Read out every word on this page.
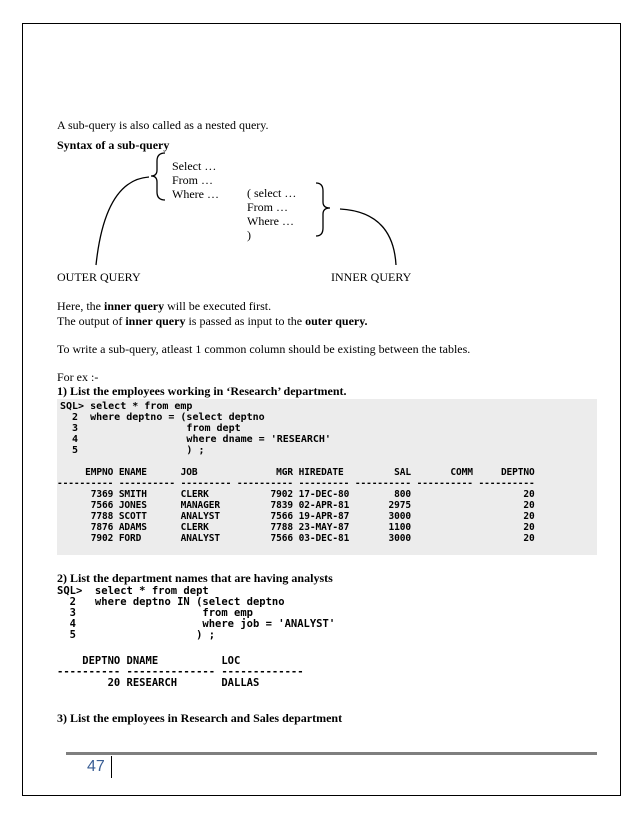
A sub-query is also called as a nested query.
Syntax of a sub-query
Select …
From …
Where … ( select …
From …
Where …
)
OUTER QUERY	INNER QUERY
Here, the inner query will be executed first.
The output of inner query is passed as input to the outer query.
To write a sub-query, atleast 1 common column should be existing between the tables.
For ex :-
1) List the employees working in ‘Research’ department.
SQL> select * from emp
2  where deptno = (select deptno
3                  from dept
4                  where dname = 'RESEARCH'
5                  ) ;
EMPNO ENAME      JOB              MGR HIREDATE         SAL       COMM     DEPTNO
---------- ---------- --------- ---------- --------- ---------- ---------- ----------
7369 SMITH      CLERK           7902 17-DEC-80        800                    20
7566 JONES      MANAGER         7839 02-APR-81       2975                    20
7788 SCOTT      ANALYST         7566 19-APR-87       3000                    20
7876 ADAMS      CLERK           7788 23-MAY-87       1100                    20
7902 FORD       ANALYST         7566 03-DEC-81       3000                    20
2) List the department names that are having analysts
SQL>  select * from dept
2   where deptno IN (select deptno
3                    from emp
4                    where job = 'ANALYST'
5                   ) ;
DEPTNO DNAME          LOC
---------- -------------- -------------
20 RESEARCH       DALLAS
3) List the employees in Research and Sales department
47
